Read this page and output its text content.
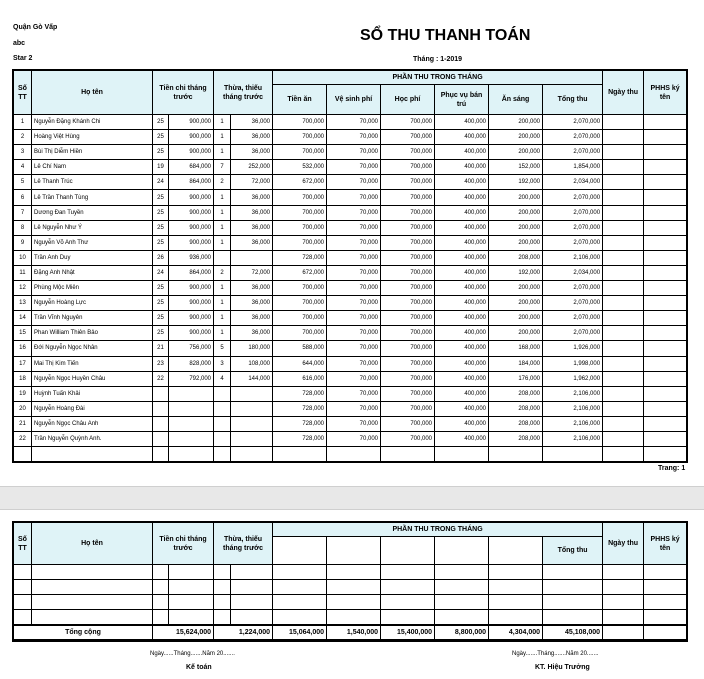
Quận Gò Vấp
abc
Star 2
SỔ THU THANH TOÁN
Tháng : 1-2019
Số TT	Họ tên	Tiền chi tháng trước		Thừa, thiếu tháng trước		PHẦN THU TRONG THÁNG						Ngày thu	PHHS ký tên
						Tiền ăn	Vệ sinh phí	Học phí	Phục vụ bán trú	Ăn sáng	Tổng thu		
1	Nguyễn Đặng Khánh Chi	25	900,000	1	36,000	700,000	70,000	700,000	400,000	200,000	2,070,000		
2	Hoàng Việt Hùng	25	900,000	1	36,000	700,000	70,000	700,000	400,000	200,000	2,070,000		
3	Bùi Thị Diễm Hiền	25	900,000	1	36,000	700,000	70,000	700,000	400,000	200,000	2,070,000		
4	Lê Chí Nam	19	684,000	7	252,000	532,000	70,000	700,000	400,000	152,000	1,854,000		
5	Lê Thanh Trúc	24	864,000	2	72,000	672,000	70,000	700,000	400,000	192,000	2,034,000		
6	Lê Trần Thanh Tùng	25	900,000	1	36,000	700,000	70,000	700,000	400,000	200,000	2,070,000		
7	Dương Đan Tuyền	25	900,000	1	36,000	700,000	70,000	700,000	400,000	200,000	2,070,000		
8	Lê Nguyễn Như Ý	25	900,000	1	36,000	700,000	70,000	700,000	400,000	200,000	2,070,000		
9	Nguyễn Võ Anh Thư	25	900,000	1	36,000	700,000	70,000	700,000	400,000	200,000	2,070,000		
10	Trần Anh Duy	26	936,000			728,000	70,000	700,000	400,000	208,000	2,106,000		
11	Đặng Anh Nhật	24	864,000	2	72,000	672,000	70,000	700,000	400,000	192,000	2,034,000		
12	Phùng Mộc Miên	25	900,000	1	36,000	700,000	70,000	700,000	400,000	200,000	2,070,000		
13	Nguyễn Hoàng Lực	25	900,000	1	36,000	700,000	70,000	700,000	400,000	200,000	2,070,000		
14	Trần Vĩnh Nguyên	25	900,000	1	36,000	700,000	70,000	700,000	400,000	200,000	2,070,000		
15	Phan William Thiên Bảo	25	900,000	1	36,000	700,000	70,000	700,000	400,000	200,000	2,070,000		
16	Đới Nguyễn Ngọc Nhân	21	756,000	5	180,000	588,000	70,000	700,000	400,000	168,000	1,926,000		
17	Mai Thị Kim Tiến	23	828,000	3	108,000	644,000	70,000	700,000	400,000	184,000	1,998,000		
18	Nguyễn Ngọc Huyền Châu	22	792,000	4	144,000	616,000	70,000	700,000	400,000	176,000	1,962,000		
19	Huỳnh Tuấn Khải					728,000	70,000	700,000	400,000	208,000	2,106,000		
20	Nguyễn Hoàng Đài					728,000	70,000	700,000	400,000	208,000	2,106,000		
21	Nguyễn Ngọc Châu Anh					728,000	70,000	700,000	400,000	208,000	2,106,000		
22	Trần Nguyễn Quỳnh Anh.					728,000	70,000	700,000	400,000	208,000	2,106,000		

Trang: 1
Số TT	Họ tên	Tiền chi tháng trước		Thừa, thiếu tháng trước		PHẦN THU TRONG THÁNG						Ngày thu	PHHS ký tên
											Tổng thu		

Tổng cộng		15,624,000		1,224,000		15,064,000	1,540,000	15,400,000	8,800,000	4,304,000	45,108,000		
Ngày......Tháng.......Năm 20.......	Ngày.......Tháng.......Năm 20.......
Kế toán	KT. Hiệu Trưởng
